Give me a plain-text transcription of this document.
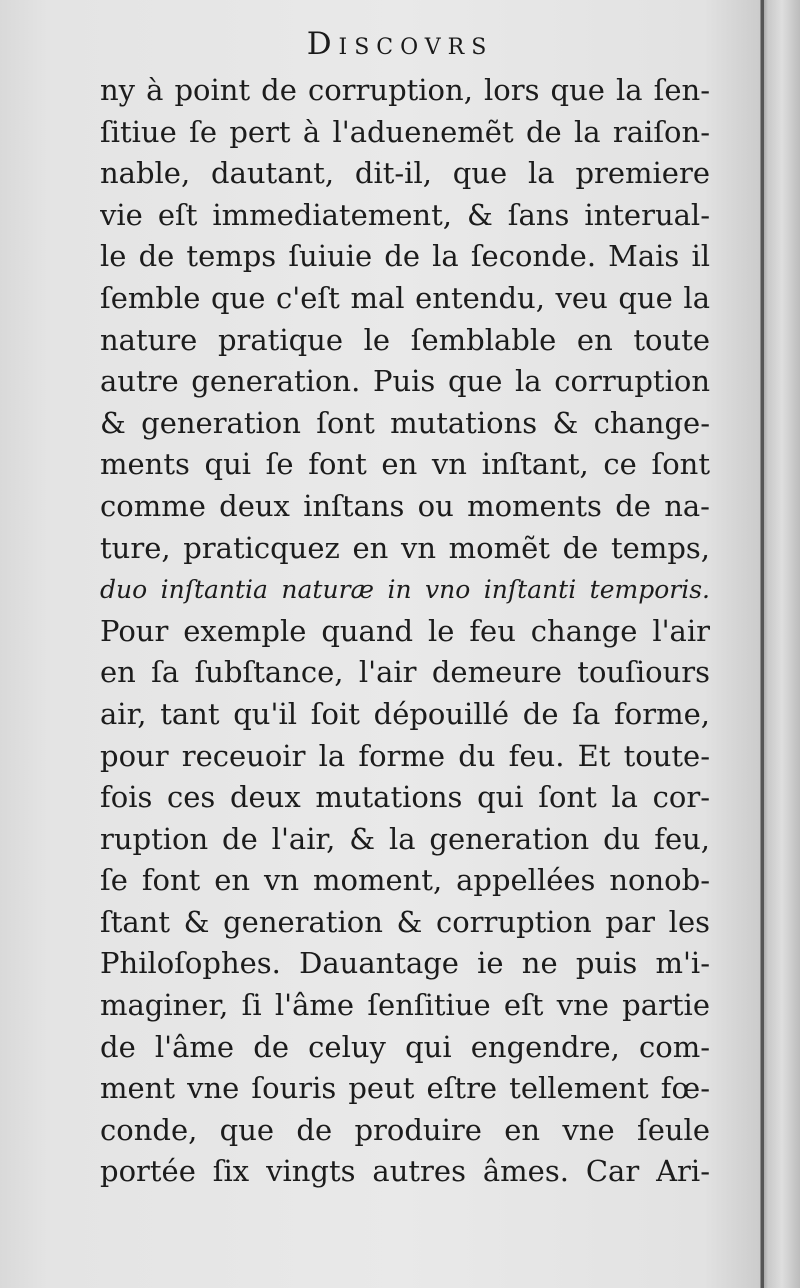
Discovrs
ny à point de corruption, lors que la ſen-
ſitiue ſe pert à l'aduenemẽt de la raiſon-
nable, dautant, dit-il, que la premiere
vie eſt immediatement, & ſans interual-
le de temps ſuiuie de la ſeconde. Mais il
ſemble que c'eſt mal entendu, veu que la
nature pratique le ſemblable en toute
autre generation. Puis que la corruption
& generation ſont mutations & change-
ments qui ſe font en vn inſtant, ce ſont
comme deux inſtans ou moments de na-
ture, praticquez en vn momẽt de temps,
duo inſtantia naturæ in vno inſtanti temporis.
Pour exemple quand le feu change l'air
en ſa ſubſtance, l'air demeure touſiours
air, tant qu'il ſoit dépouillé de ſa forme,
pour receuoir la forme du feu. Et toute-
fois ces deux mutations qui ſont la cor-
ruption de l'air, & la generation du feu,
ſe font en vn moment, appellées nonob-
ſtant & generation & corruption par les
Philoſophes. Dauantage ie ne puis m'i-
maginer, ſi l'âme ſenſitiue eſt vne partie
de l'âme de celuy qui engendre, com-
ment vne ſouris peut eſtre tellement fœ-
conde, que de produire en vne ſeule
portée ſix vingts autres âmes. Car Ari-
